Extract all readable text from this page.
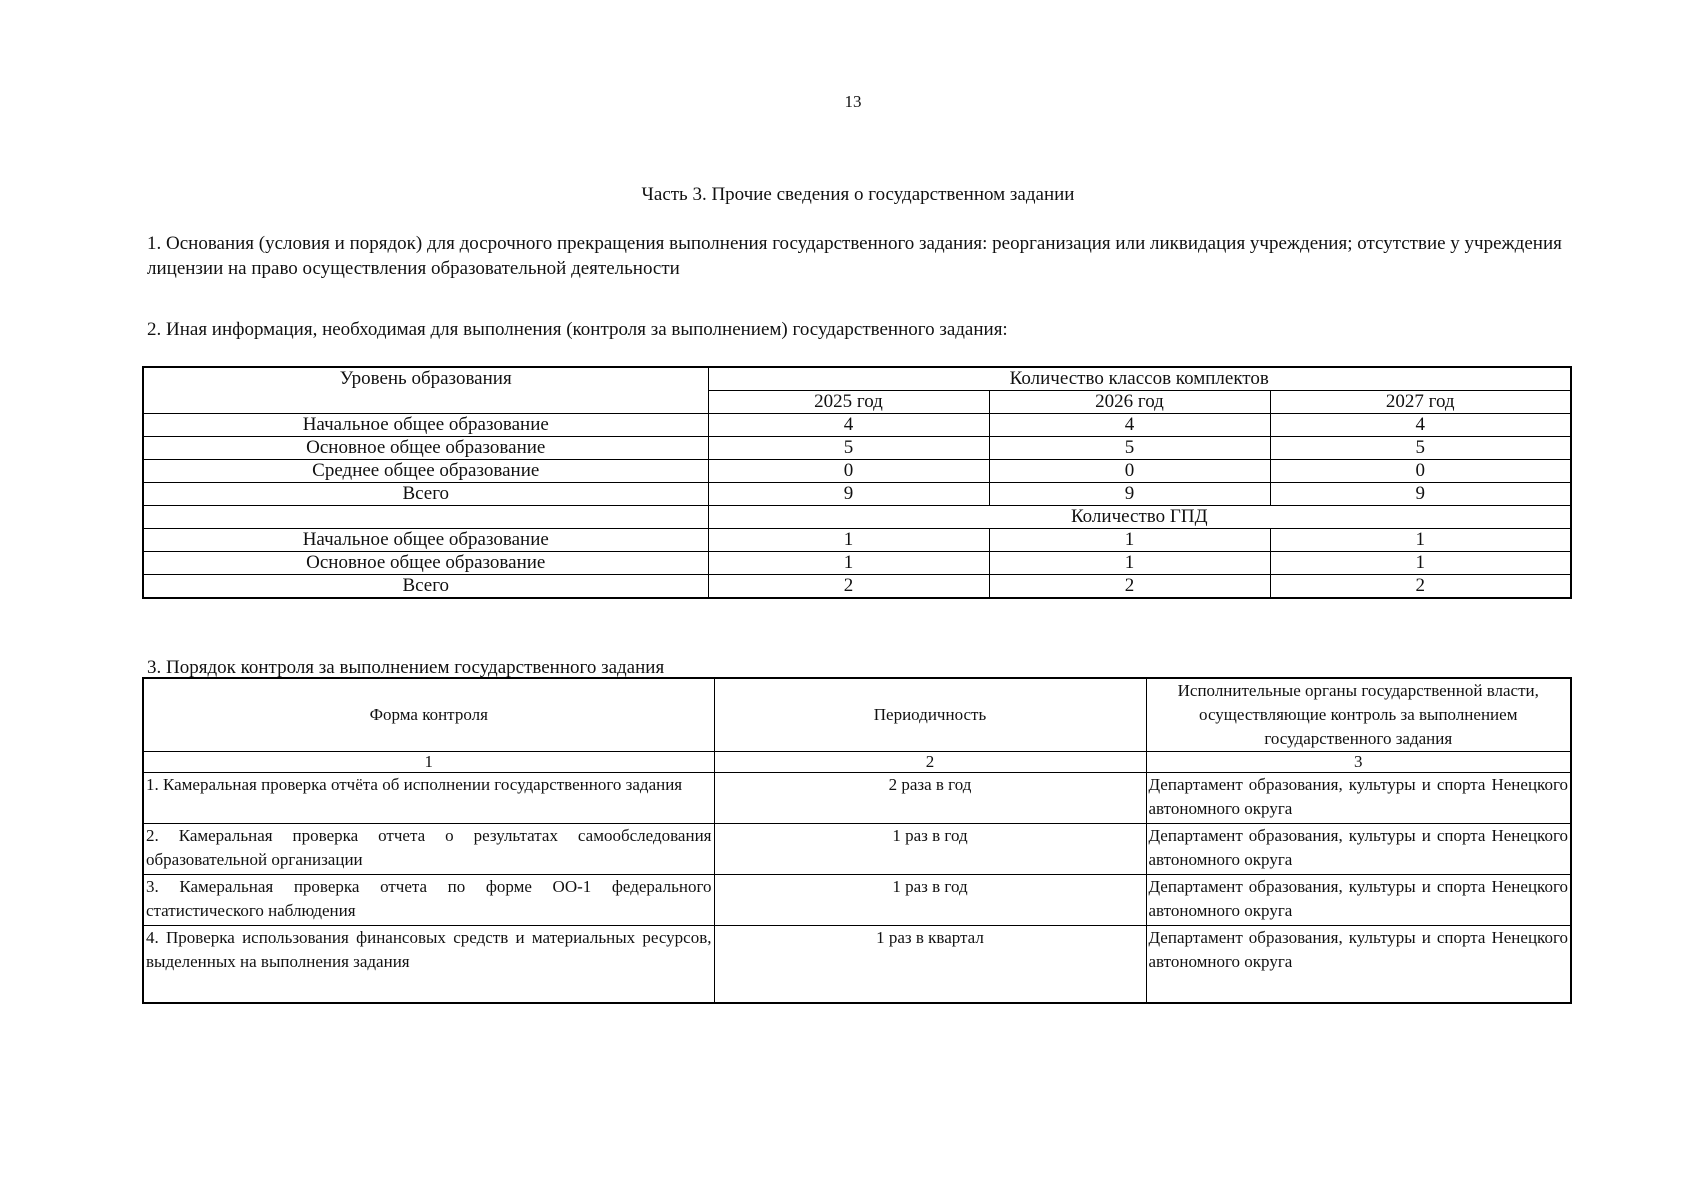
13
Часть 3. Прочие сведения о государственном задании
1. Основания (условия и порядок) для досрочного прекращения выполнения государственного задания: реорганизация или ликвидация учреждения; отсутствие у учреждения лицензии на право осуществления образовательной деятельности
2. Иная информация, необходимая для выполнения (контроля за выполнением) государственного задания:
Уровень образования	Количество классов комплектов		
	2025 год	2026 год	2027 год
Начальное общее образование	4	4	4
Основное общее образование	5	5	5
Среднее общее образование	0	0	0
Всего	9	9	9
	Количество ГПД		
Начальное общее образование	1	1	1
Основное общее образование	1	1	1
Всего	2	2	2
3. Порядок контроля за выполнением государственного задания
Форма контроля	Периодичность	Исполнительные органы государственной власти, осуществляющие контроль за выполнением государственного задания
1	2	3
1. Камеральная проверка отчёта об исполнении государственного задания	2 раза в год	Департамент образования, культуры и спорта Ненецкого автономного округа
2. Камеральная проверка отчета о результатах самообследования образовательной организации	1 раз в год	Департамент образования, культуры и спорта Ненецкого автономного округа
3. Камеральная проверка отчета по форме ОО-1 федерального статистического наблюдения	1 раз в год	Департамент образования, культуры и спорта Ненецкого автономного округа
4. Проверка использования финансовых средств и материальных ресурсов, выделенных на выполнения задания	1 раз в квартал	Департамент образования, культуры и спорта Ненецкого автономного округа
